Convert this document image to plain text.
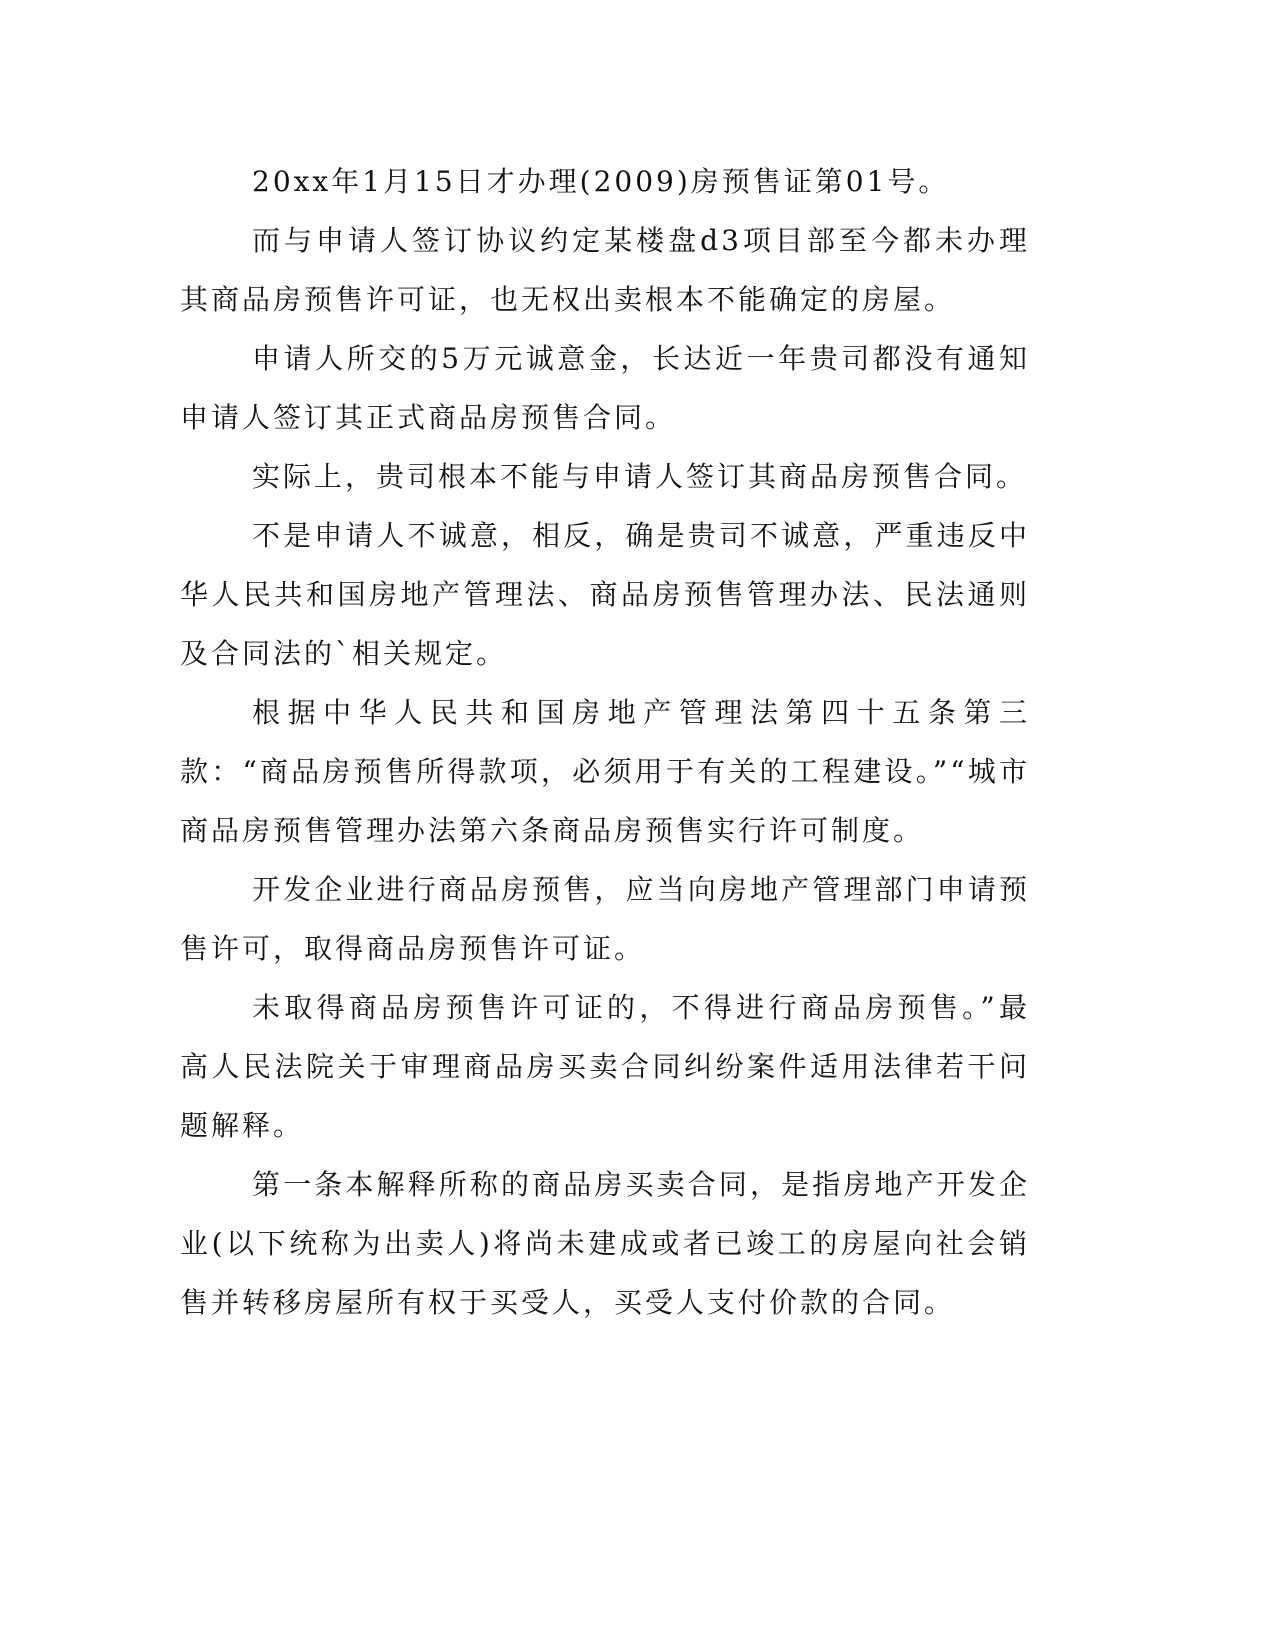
20xx年1月15日才办理(2009)房预售证第01号。

而与申请人签订协议约定某楼盘d3项目部至今都未办理其商品房预售许可证，也无权出卖根本不能确定的房屋。

申请人所交的5万元诚意金，长达近一年贵司都没有通知申请人签订其正式商品房预售合同。

实际上，贵司根本不能与申请人签订其商品房预售合同。

不是申请人不诚意，相反，确是贵司不诚意，严重违反中华人民共和国房地产管理法、商品房预售管理办法、民法通则及合同法的`相关规定。

根据中华人民共和国房地产管理法第四十五条第三款：“商品房预售所得款项，必须用于有关的工程建设。”“城市商品房预售管理办法第六条商品房预售实行许可制度。

开发企业进行商品房预售，应当向房地产管理部门申请预售许可，取得商品房预售许可证。

未取得商品房预售许可证的，不得进行商品房预售。”最高人民法院关于审理商品房买卖合同纠纷案件适用法律若干问题解释。

第一条本解释所称的商品房买卖合同，是指房地产开发企业(以下统称为出卖人)将尚未建成或者已竣工的房屋向社会销售并转移房屋所有权于买受人，买受人支付价款的合同。
